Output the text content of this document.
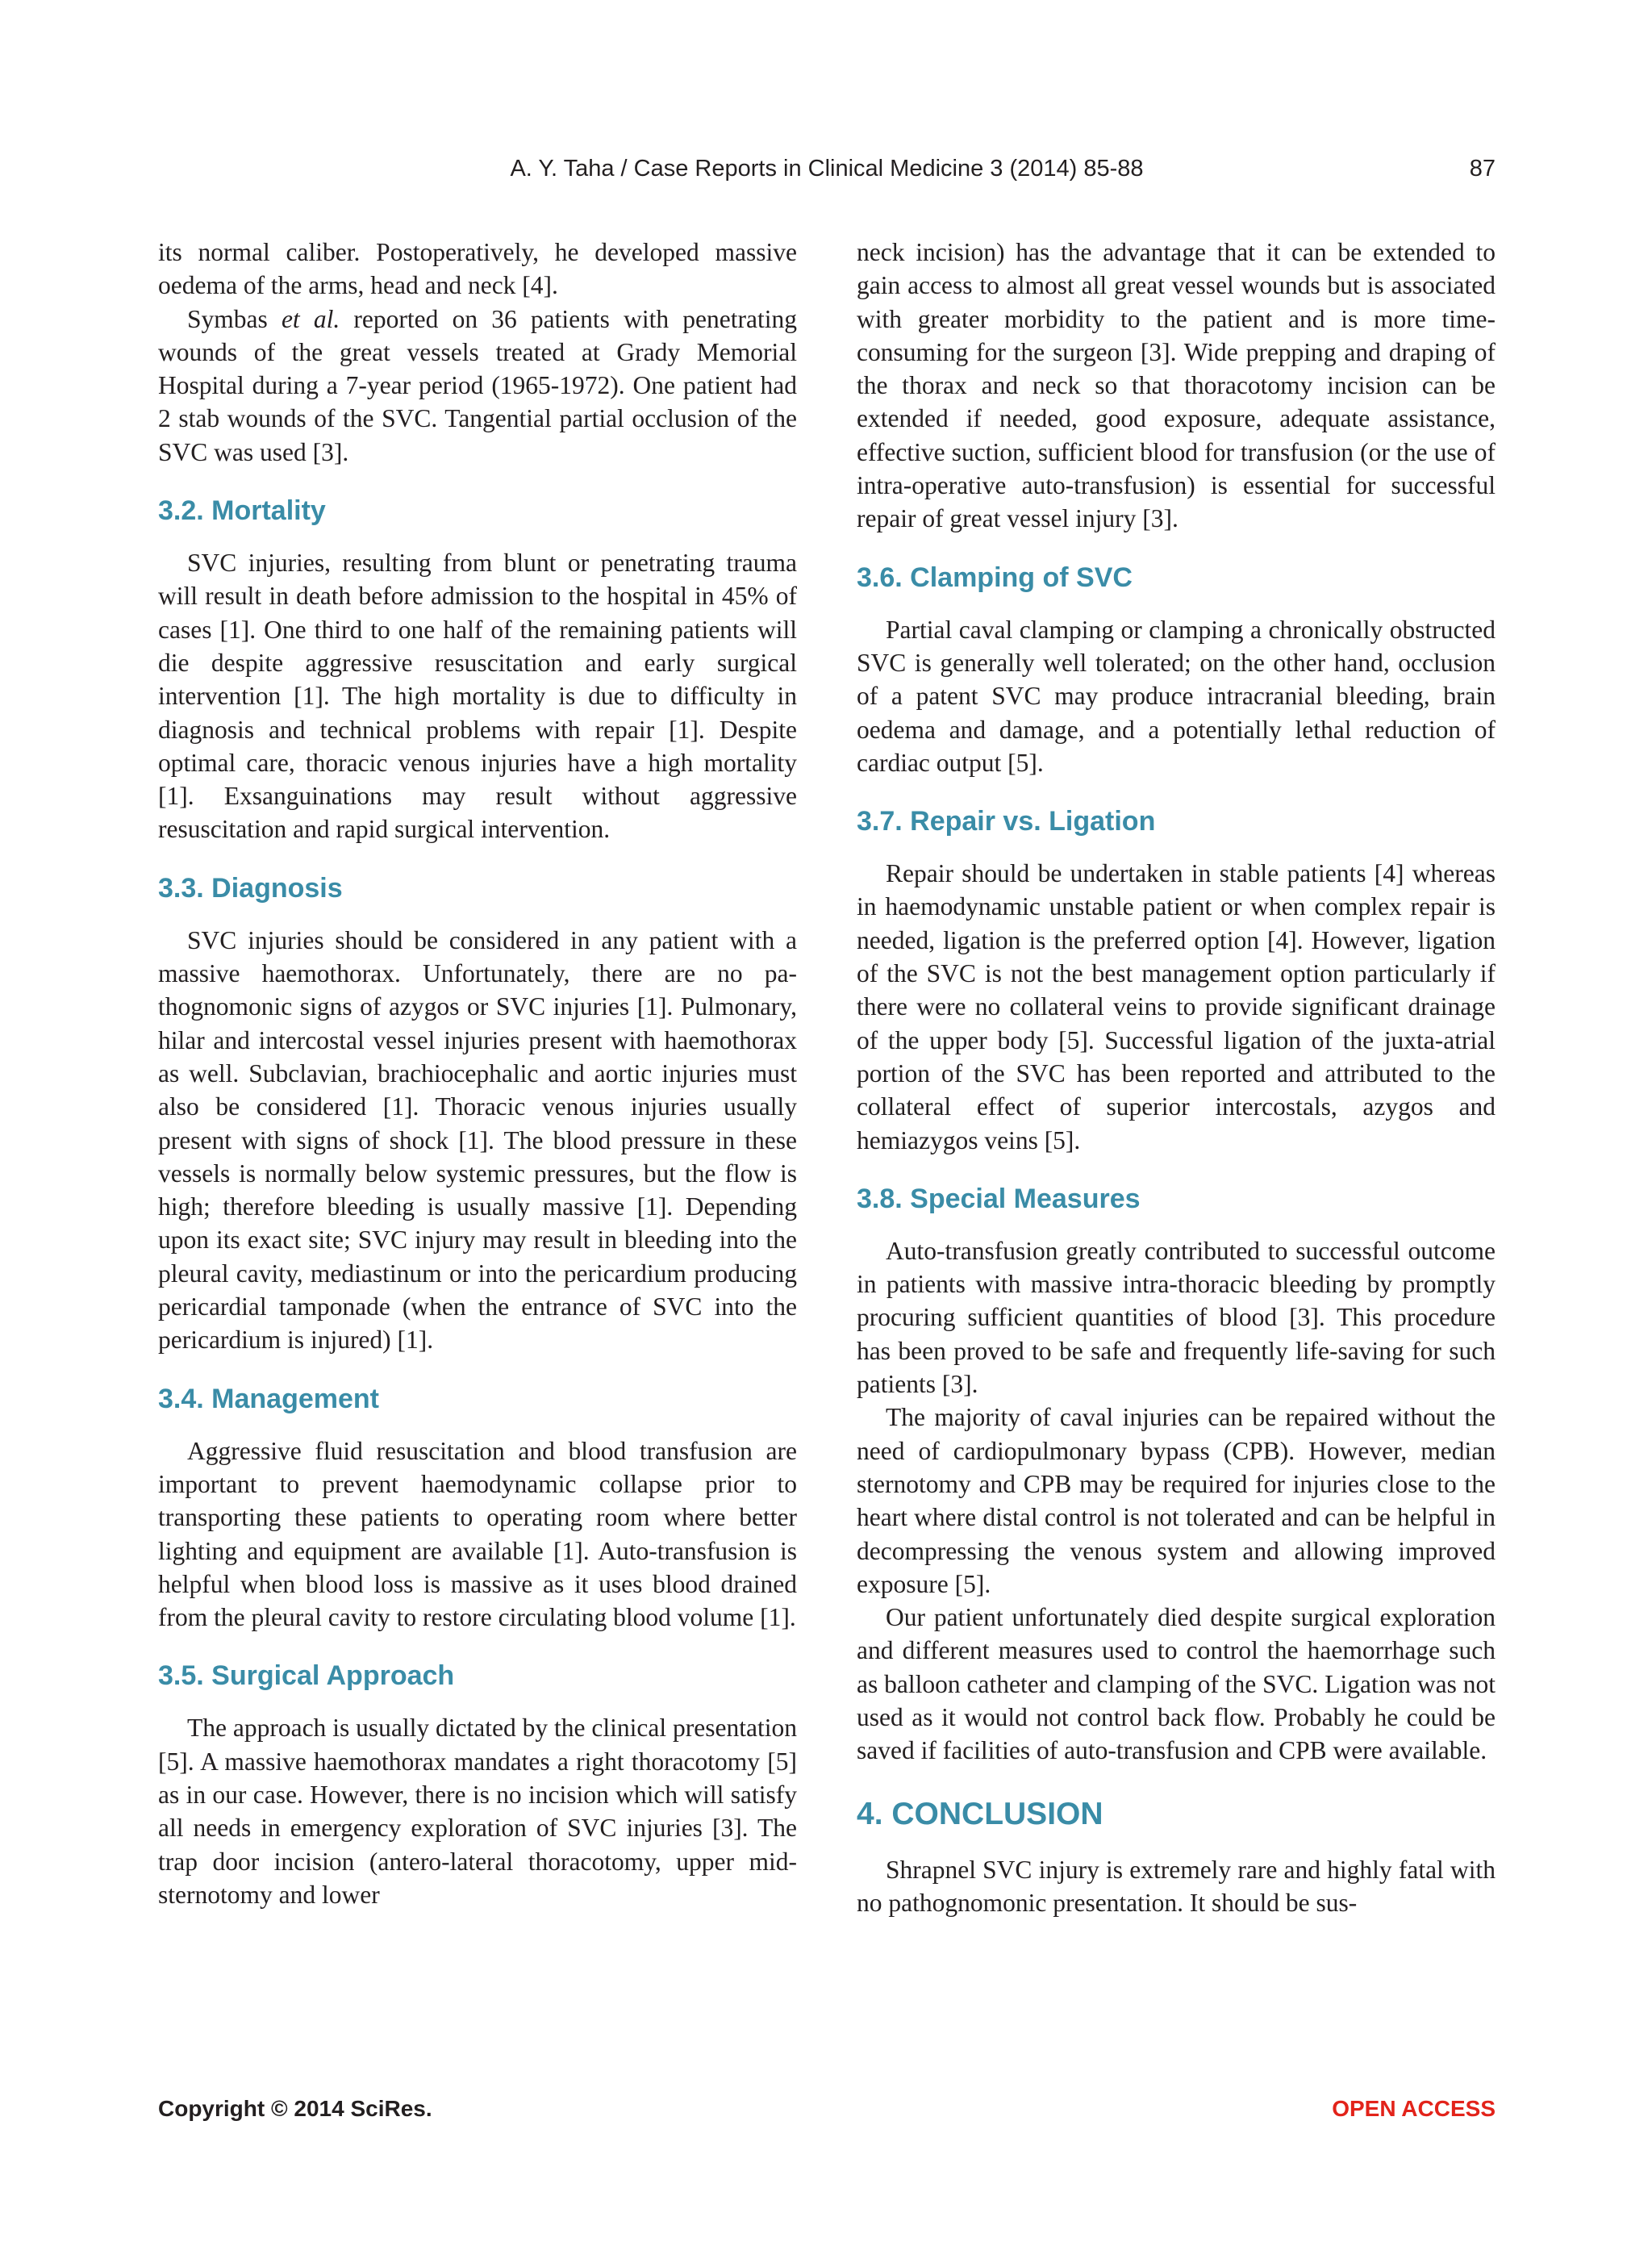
A. Y. Taha / Case Reports in Clinical Medicine 3 (2014) 85-88	87

its normal caliber. Postoperatively, he developed massive oedema of the arms, head and neck [4].

Symbas et al. reported on 36 patients with penetrating wounds of the great vessels treated at Grady Memorial Hospital during a 7-year period (1965-1972). One patient had 2 stab wounds of the SVC. Tangential partial occlusion of the SVC was used [3].

3.2. Mortality

SVC injuries, resulting from blunt or penetrating trauma will result in death before admission to the hospital in 45% of cases [1]. One third to one half of the remaining patients will die despite aggressive resuscitation and early surgical intervention [1]. The high mortality is due to difficulty in diagnosis and technical problems with repair [1]. Despite optimal care, thoracic venous injuries have a high mortality [1]. Exsanguinations may result without aggressive resuscitation and rapid surgical intervention.

3.3. Diagnosis

SVC injuries should be considered in any patient with a massive haemothorax. Unfortunately, there are no pathognomonic signs of azygos or SVC injuries [1]. Pulmonary, hilar and intercostal vessel injuries present with haemothorax as well. Subclavian, brachiocephalic and aortic injuries must also be considered [1]. Thoracic venous injuries usually present with signs of shock [1]. The blood pressure in these vessels is normally below systemic pressures, but the flow is high; therefore bleeding is usually massive [1]. Depending upon its exact site; SVC injury may result in bleeding into the pleural cavity, mediastinum or into the pericardium producing pericardial tamponade (when the entrance of SVC into the pericardium is injured) [1].

3.4. Management

Aggressive fluid resuscitation and blood transfusion are important to prevent haemodynamic collapse prior to transporting these patients to operating room where better lighting and equipment are available [1]. Auto-transfusion is helpful when blood loss is massive as it uses blood drained from the pleural cavity to restore circulating blood volume [1].

3.5. Surgical Approach

The approach is usually dictated by the clinical presentation [5]. A massive haemothorax mandates a right thoracotomy [5] as in our case. However, there is no incision which will satisfy all needs in emergency exploration of SVC injuries [3]. The trap door incision (antero-lateral thoracotomy, upper mid-sternotomy and lower

neck incision) has the advantage that it can be extended to gain access to almost all great vessel wounds but is associated with greater morbidity to the patient and is more time-consuming for the surgeon [3]. Wide prepping and draping of the thorax and neck so that thoracotomy incision can be extended if needed, good exposure, adequate assistance, effective suction, sufficient blood for transfusion (or the use of intra-operative auto-transfusion) is essential for successful repair of great vessel injury [3].

3.6. Clamping of SVC

Partial caval clamping or clamping a chronically obstructed SVC is generally well tolerated; on the other hand, occlusion of a patent SVC may produce intracranial bleeding, brain oedema and damage, and a potentially lethal reduction of cardiac output [5].

3.7. Repair vs. Ligation

Repair should be undertaken in stable patients [4] whereas in haemodynamic unstable patient or when complex repair is needed, ligation is the preferred option [4]. However, ligation of the SVC is not the best management option particularly if there were no collateral veins to provide significant drainage of the upper body [5]. Successful ligation of the juxta-atrial portion of the SVC has been reported and attributed to the collateral effect of superior intercostals, azygos and hemiazygos veins [5].

3.8. Special Measures

Auto-transfusion greatly contributed to successful outcome in patients with massive intra-thoracic bleeding by promptly procuring sufficient quantities of blood [3]. This procedure has been proved to be safe and frequently life-saving for such patients [3].

The majority of caval injuries can be repaired without the need of cardiopulmonary bypass (CPB). However, median sternotomy and CPB may be required for injuries close to the heart where distal control is not tolerated and can be helpful in decompressing the venous system and allowing improved exposure [5].

Our patient unfortunately died despite surgical exploration and different measures used to control the haemorrhage such as balloon catheter and clamping of the SVC. Ligation was not used as it would not control back flow. Probably he could be saved if facilities of auto-transfusion and CPB were available.

4. CONCLUSION

Shrapnel SVC injury is extremely rare and highly fatal with no pathognomonic presentation. It should be sus-

Copyright © 2014 SciRes.	OPEN ACCESS
